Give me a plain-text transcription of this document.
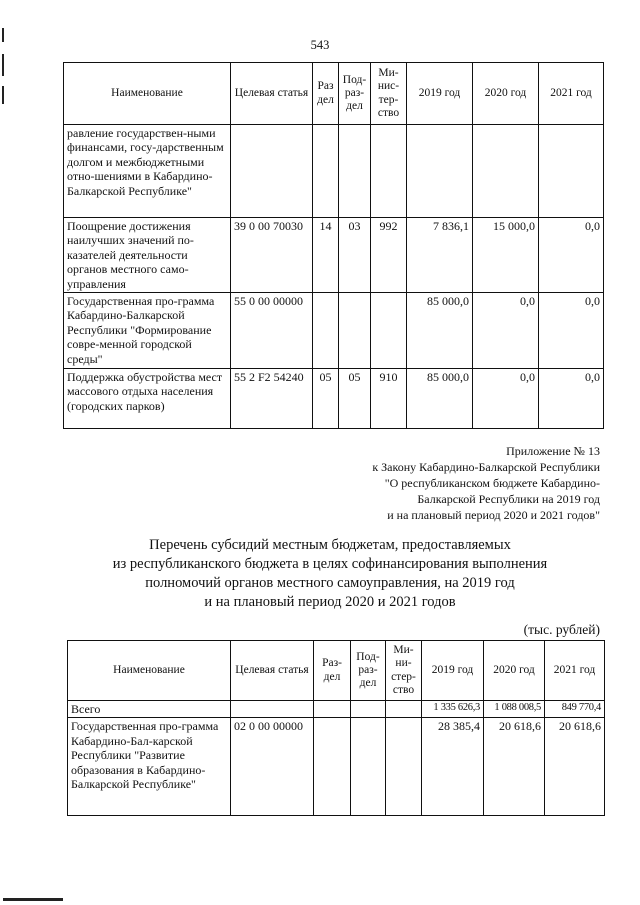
543
Наименование	Целевая статья	Раз дел	Под-раз-дел	Ми-нис-тер-ство	2019 год	2020 год	2021 год
равление государствен-ными финансами, госу-дарственным долгом и межбюджетными отно-шениями в Кабардино-Балкарской Республике"							
Поощрение достижения наилучших значений по-казателей деятельности органов местного само-управления	39 0 00 70030	14	03	992	7 836,1	15 000,0	0,0
Государственная про-грамма Кабардино-Балкарской Республики "Формирование совре-менной городской среды"	55 0 00 00000				85 000,0	0,0	0,0
Поддержка обустройства мест массового отдыха населения (городских парков)	55 2 F2 54240	05	05	910	85 000,0	0,0	0,0
Приложение № 13
к Закону Кабардино-Балкарской Республики
"О республиканском бюджете Кабардино-
Балкарской Республики на 2019 год
и на плановый период 2020 и 2021 годов"
Перечень субсидий местным бюджетам, предоставляемых
из республиканского бюджета в целях софинансирования выполнения
полномочий органов местного самоуправления, на 2019 год
и на плановый период 2020 и 2021 годов
(тыс. рублей)
Наименование	Целевая статья	Раз-дел	Под-раз-дел	Ми-ни-стер-ство	2019 год	2020 год	2021 год
Всего					1 335 626,3	1 088 008,5	849 770,4
Государственная про-грамма Кабардино-Бал-карской Республики "Развитие образования в Кабардино-Балкарской Республике"	02 0 00 00000				28 385,4	20 618,6	20 618,6
